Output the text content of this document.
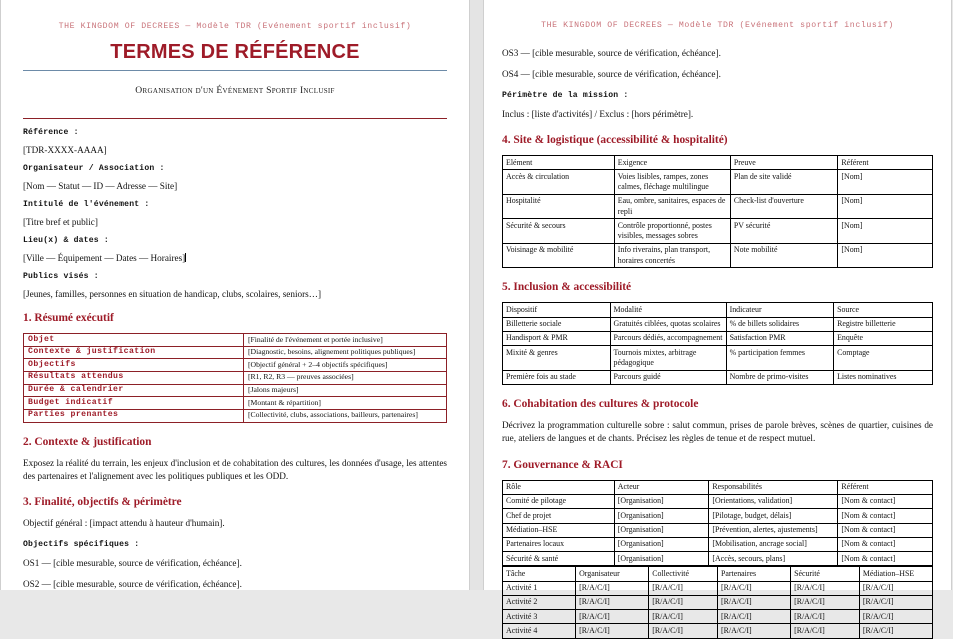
THE KINGDOM OF DECREES — Modèle TDR (Evénement sportif inclusif)
TERMES DE RÉFÉRENCE
Organisation d'un Événement Sportif Inclusif
Référence :
[TDR-XXXX-AAAA]
Organisateur / Association :
[Nom — Statut — ID — Adresse — Site]
Intitulé de l'événement :
[Titre bref et public]
Lieu(x) & dates :
[Ville — Équipement — Dates — Horaires]
Publics visés :
[Jeunes, familles, personnes en situation de handicap, clubs, scolaires, seniors…]
1. Résumé exécutif
Objet	[Finalité de l'événement et portée inclusive]
Contexte & justification	[Diagnostic, besoins, alignement politiques publiques]
Objectifs	[Objectif général + 2–4 objectifs spécifiques]
Résultats attendus	[R1, R2, R3 — preuves associées]
Durée & calendrier	[Jalons majeurs]
Budget indicatif	[Montant & répartition]
Parties prenantes	[Collectivité, clubs, associations, bailleurs, partenaires]
2. Contexte & justification

Exposez la réalité du terrain, les enjeux d'inclusion et de cohabitation des cultures, les données d'usage, les attentes des partenaires et l'alignement avec les politiques publiques et les ODD.

3. Finalité, objectifs & périmètre

Objectif général : [impact attendu à hauteur d'humain].

Objectifs spécifiques :

OS1 — [cible mesurable, source de vérification, échéance].

OS2 — [cible mesurable, source de vérification, échéance].

THE KINGDOM OF DECREES — Modèle TDR (Evénement sportif inclusif)

OS3 — [cible mesurable, source de vérification, échéance].

OS4 — [cible mesurable, source de vérification, échéance].

Périmètre de la mission :

Inclus : [liste d'activités] / Exclus : [hors périmètre].

4. Site & logistique (accessibilité & hospitalité)
Elément	Exigence	Preuve	Référent
Accès & circulation	Voies lisibles, rampes, zones calmes, fléchage multilingue	Plan de site validé	[Nom]
Hospitalité	Eau, ombre, sanitaires, espaces de repli	Check-list d'ouverture	[Nom]
Sécurité & secours	Contrôle proportionné, postes visibles, messages sobres	PV sécurité	[Nom]
Voisinage & mobilité	Info riverains, plan transport, horaires concertés	Note mobilité	[Nom]
5. Inclusion & accessibilité
Dispositif	Modalité	Indicateur	Source
Billetterie sociale	Gratuités ciblées, quotas scolaires	% de billets solidaires	Registre billetterie
Handisport & PMR	Parcours dédiés, accompagnement	Satisfaction PMR	Enquête
Mixité & genres	Tournois mixtes, arbitrage pédagogique	% participation femmes	Comptage
Première fois au stade	Parcours guidé	Nombre de primo-visites	Listes nominatives
6. Cohabitation des cultures & protocole

Décrivez la programmation culturelle sobre : salut commun, prises de parole brèves, scènes de quartier, cuisines de rue, ateliers de langues et de chants. Précisez les règles de tenue et de respect mutuel.

7. Gouvernance & RACI
Rôle	Acteur	Responsabilités	Référent
Comité de pilotage	[Organisation]	[Orientations, validation]	[Nom & contact]
Chef de projet	[Organisation]	[Pilotage, budget, délais]	[Nom & contact]
Médiation–HSE	[Organisation]	[Prévention, alertes, ajustements]	[Nom & contact]
Partenaires locaux	[Organisation]	[Mobilisation, ancrage social]	[Nom & contact]
Sécurité & santé	[Organisation]	[Accès, secours, plans]	[Nom & contact]
Tâche	Organisateur	Collectivité	Partenaires	Sécurité	Médiation–HSE
Activité 1	[R/A/C/I]	[R/A/C/I]	[R/A/C/I]	[R/A/C/I]	[R/A/C/I]
Activité 2	[R/A/C/I]	[R/A/C/I]	[R/A/C/I]	[R/A/C/I]	[R/A/C/I]
Activité 3	[R/A/C/I]	[R/A/C/I]	[R/A/C/I]	[R/A/C/I]	[R/A/C/I]
Activité 4	[R/A/C/I]	[R/A/C/I]	[R/A/C/I]	[R/A/C/I]	[R/A/C/I]
